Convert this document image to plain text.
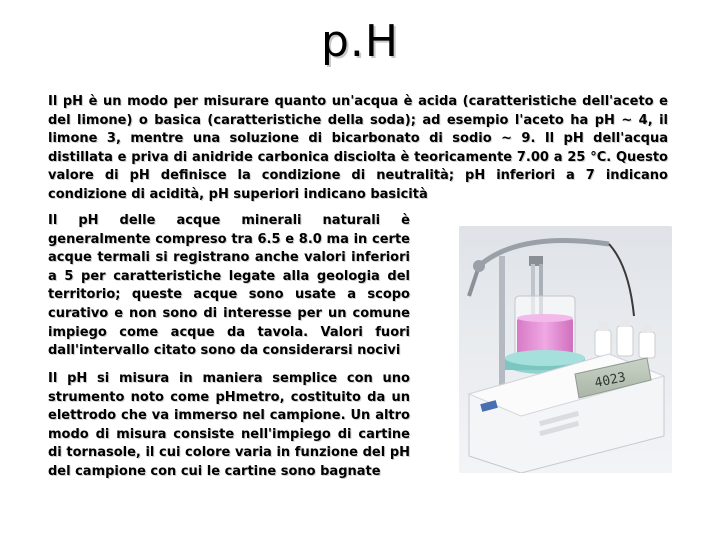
p.H

Il pH è un modo per misurare quanto un'acqua è acida (caratteristiche dell'aceto e del limone) o basica (caratteristiche della soda); ad esempio l'aceto ha pH ~ 4, il limone 3, mentre una soluzione di bicarbonato di sodio ~ 9. Il pH dell'acqua distillata e priva di anidride carbonica disciolta è teoricamente 7.00 a 25 °C. Questo valore di pH definisce la condizione di neutralità; pH inferiori a 7 indicano condizione di acidità, pH superiori indicano basicità

Il pH delle acque minerali naturali è generalmente compreso tra 6.5 e 8.0 ma in certe acque termali si registrano anche valori inferiori a 5 per caratteristiche legate alla geologia del territorio; queste acque sono usate a scopo curativo e non sono di interesse per un comune impiego come acque da tavola. Valori fuori dall'intervallo citato sono da considerarsi nocivi

Il pH si misura in maniera semplice con uno strumento noto come pHmetro, costituito da un elettrodo che va immerso nel campione. Un altro modo di misura consiste nell'impiego di cartine di tornasole, il cui colore varia in funzione del pH del campione con cui le cartine sono bagnate

4023
